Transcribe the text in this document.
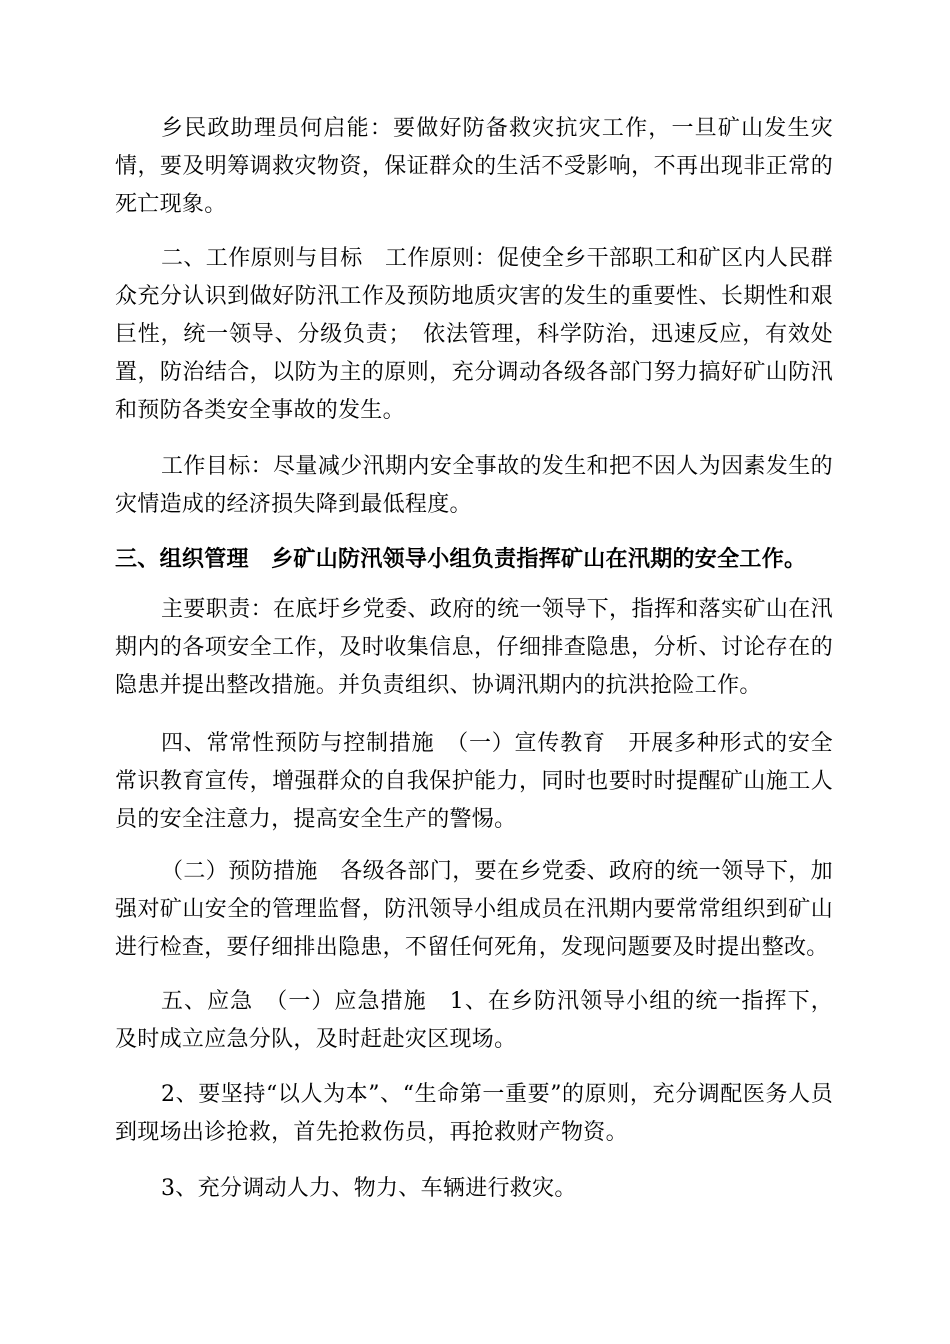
乡民政助理员何启能：要做好防备救灾抗灾工作，一旦矿山发生灾情，要及明筹调救灾物资，保证群众的生活不受影响，不再出现非正常的死亡现象。

二、工作原则与目标　工作原则：促使全乡干部职工和矿区内人民群众充分认识到做好防汛工作及预防地质灾害的发生的重要性、长期性和艰巨性，统一领导、分级负责；　依法管理，科学防治，迅速反应，有效处置，防治结合，以防为主的原则，充分调动各级各部门努力搞好矿山防汛和预防各类安全事故的发生。

工作目标：尽量减少汛期内安全事故的发生和把不因人为因素发生的灾情造成的经济损失降到最低程度。

三、组织管理　乡矿山防汛领导小组负责指挥矿山在汛期的安全工作。

主要职责：在底圩乡党委、政府的统一领导下，指挥和落实矿山在汛期内的各项安全工作，及时收集信息，仔细排查隐患，分析、讨论存在的隐患并提出整改措施。并负责组织、协调汛期内的抗洪抢险工作。

四、常常性预防与控制措施　（一）宣传教育　开展多种形式的安全常识教育宣传，增强群众的自我保护能力，同时也要时时提醒矿山施工人员的安全注意力，提高安全生产的警惕。

（二）预防措施　各级各部门，要在乡党委、政府的统一领导下，加强对矿山安全的管理监督，防汛领导小组成员在汛期内要常常组织到矿山进行检查，要仔细排出隐患，不留任何死角，发现问题要及时提出整改。

五、应急　（一）应急措施　1、在乡防汛领导小组的统一指挥下，及时成立应急分队，及时赶赴灾区现场。

2、要坚持“以人为本”、“生命第一重要”的原则，充分调配医务人员到现场出诊抢救，首先抢救伤员，再抢救财产物资。

3、充分调动人力、物力、车辆进行救灾。
